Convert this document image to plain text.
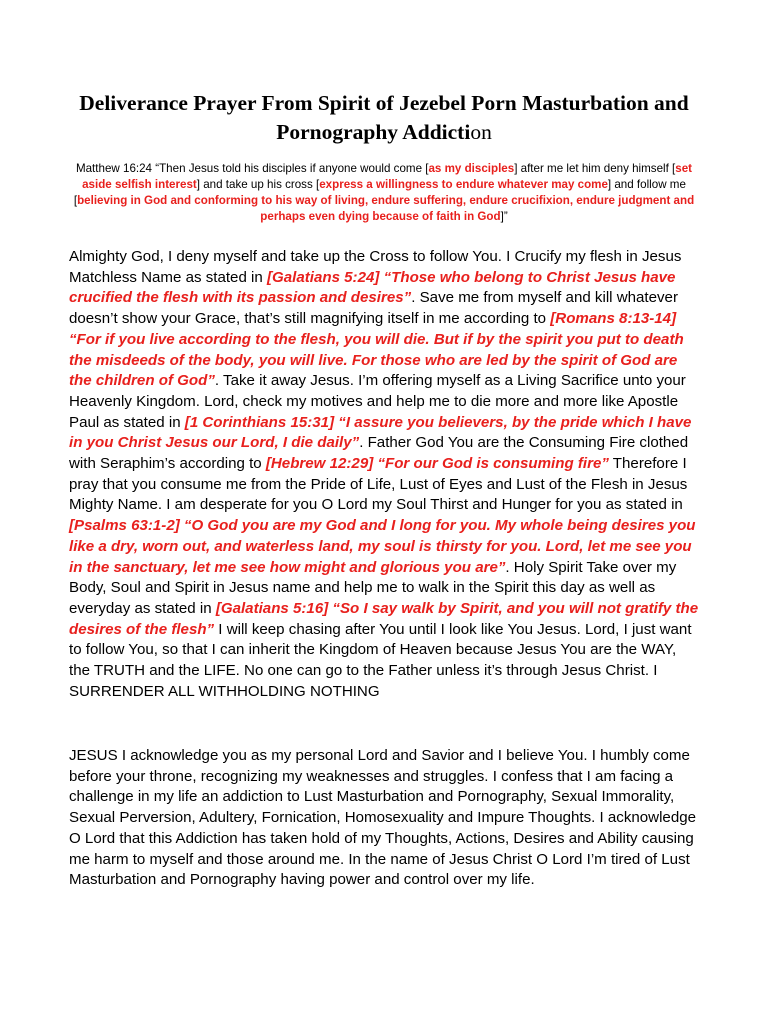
Deliverance Prayer From Spirit of Jezebel Porn Masturbation and Pornography Addiction

Matthew 16:24 “Then Jesus told his disciples if anyone would come [as my disciples] after me let him deny himself [set aside selfish interest] and take up his cross [express a willingness to endure whatever may come] and follow me [believing in God and conforming to his way of living, endure suffering, endure crucifixion, endure judgment and perhaps even dying because of faith in God]”

Almighty God, I deny myself and take up the Cross to follow You. I Crucify my flesh in Jesus Matchless Name as stated in [Galatians 5:24] “Those who belong to Christ Jesus have crucified the flesh with its passion and desires”. Save me from myself and kill whatever doesn’t show your Grace, that’s still magnifying itself in me according to [Romans 8:13-14] “For if you live according to the flesh, you will die. But if by the spirit you put to death the misdeeds of the body, you will live. For those who are led by the spirit of God are the children of God”. Take it away Jesus. I’m offering myself as a Living Sacrifice unto your Heavenly Kingdom. Lord, check my motives and help me to die more and more like Apostle Paul as stated in [1 Corinthians 15:31] “I assure you believers, by the pride which I have in you Christ Jesus our Lord, I die daily”. Father God You are the Consuming Fire clothed with Seraphim’s according to [Hebrew 12:29] “For our God is consuming fire” Therefore I pray that you consume me from the Pride of Life, Lust of Eyes and Lust of the Flesh in Jesus Mighty Name. I am desperate for you O Lord my Soul Thirst and Hunger for you as stated in [Psalms 63:1-2] “O God you are my God and I long for you. My whole being desires you like a dry, worn out, and waterless land, my soul is thirsty for you. Lord, let me see you in the sanctuary, let me see how might and glorious you are”. Holy Spirit Take over my Body, Soul and Spirit in Jesus name and help me to walk in the Spirit this day as well as everyday as stated in [Galatians 5:16] “So I say walk by Spirit, and you will not gratify the desires of the flesh” I will keep chasing after You until I look like You Jesus. Lord, I just want to follow You, so that I can inherit the Kingdom of Heaven because Jesus You are the WAY, the TRUTH and the LIFE. No one can go to the Father unless it’s through Jesus Christ. I SURRENDER ALL WITHHOLDING NOTHING

JESUS I acknowledge you as my personal Lord and Savior and I believe You. I humbly come before your throne, recognizing my weaknesses and struggles. I confess that I am facing a challenge in my life an addiction to Lust Masturbation and Pornography, Sexual Immorality, Sexual Perversion, Adultery, Fornication, Homosexuality and Impure Thoughts. I acknowledge O Lord that this Addiction has taken hold of my Thoughts, Actions, Desires and Ability causing me harm to myself and those around me. In the name of Jesus Christ O Lord I’m tired of Lust Masturbation and Pornography having power and control over my life.
